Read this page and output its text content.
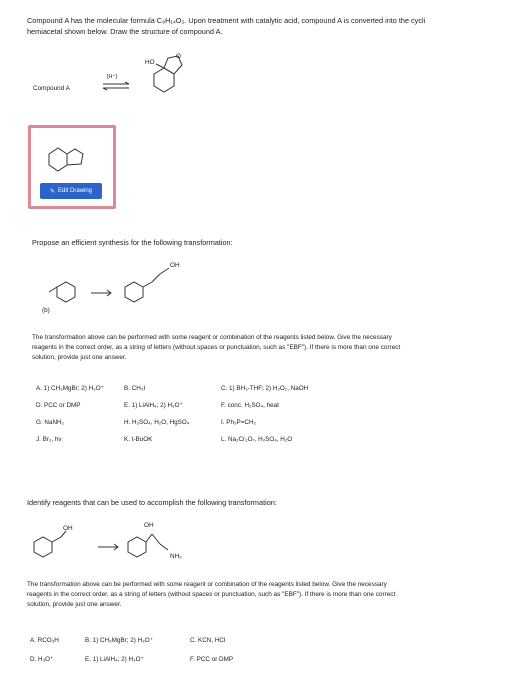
Compound A has the molecular formula C₈H₁₄O₂. Upon treatment with catalytic acid, compound A is converted into the cycli
hemiacetal shown below. Draw the structure of compound A.
Compound A
[H⁺]
HO
O
✎ Edit Drawing
Propose an efficient synthesis for the following transformation:
OH
(b)
The transformation above can be performed with some reagent or combination of the reagents listed below. Give the necessary
reagents in the correct order, as a string of letters (without spaces or punctuation, such as "EBF"). If there is more than one correct
solution, provide just one answer.
A. 1) CH₃MgBr; 2) H₃O⁺	B. CH₃I	C. 1) BH₃-THF; 2) H₂O₂, NaOH
D. PCC or DMP	E. 1) LiAlH₄; 2) H₃O⁺	F. conc. H₂SO₄, heat
G. NaNH₂	H. H₂SO₄, H₂O, HgSO₄	I. Ph₃P=CH₂
J. Br₂, hν	K. t-BuOK	L. Na₂Cr₂O₇, H₂SO₄, H₂O
Identify reagents that can be used to accomplish the following transformation:
OH	OH
NH₂
The transformation above can be performed with some reagent or combination of the reagents listed below. Give the necessary
reagents in the correct order, as a string of letters (without spaces or punctuation, such as "EBF"). If there is more than one correct
solution, provide just one answer.
A. RCO₃H	B. 1) CH₃MgBr; 2) H₃O⁺	C. KCN, HCl
D. H₃O⁺	E. 1) LiAlH₄; 2) H₃O⁺	F. PCC or DMP
